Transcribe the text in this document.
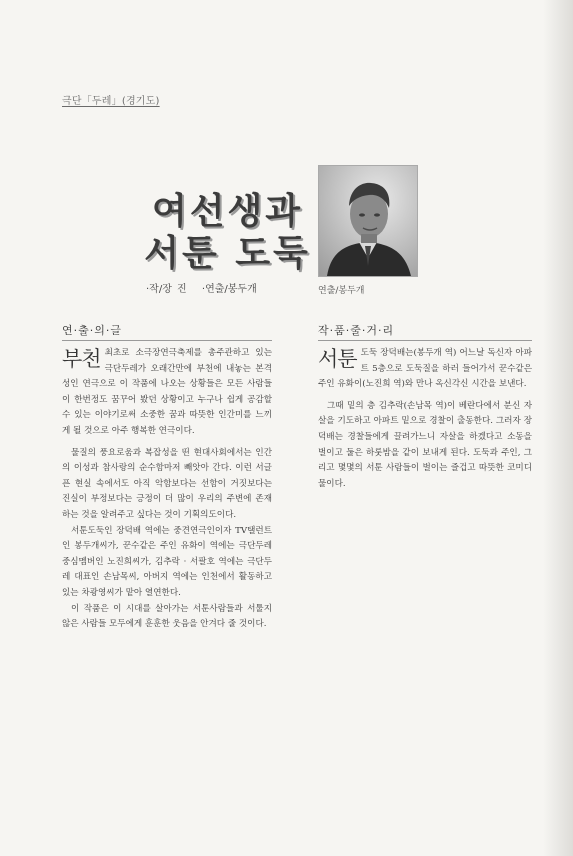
극단「두레」(경기도)
여선생과
서툰 도둑
·작/장 진 ·연출/봉두개	연출/봉두개
연·출·의·글

부천 최초로 소극장연극축제를 총주관하고 있는 극단두레가 오래간만에 부천에 내놓는 본격성인 연극으로 이 작품에 나오는 상황들은 모든 사람들이 한번정도 꿈꾸어 봤던 상황이고 누구나 쉽게 공감할 수 있는 이야기로써 소중한 꿈과 따뜻한 인간미를 느끼게 될 것으로 아주 행복한 연극이다.

물질의 풍요로움과 복잡성을 띤 현대사회에서는 인간의 이성과 참사랑의 순수함마저 빼앗아 간다. 이런 서글픈 현실 속에서도 아직 악함보다는 선함이 거짓보다는 진실이 부정보다는 긍정이 더 많이 우리의 주변에 존재하는 것을 알려주고 싶다는 것이 기획의도이다.

서툰도둑인 장덕배 역에는 중견연극인이자 TV탤런트인 봉두개씨가, 꾼수같은 주인 유화이 역에는 극단두레 중심멤버인 노진희씨가, 김추락 · 서팔호 역에는 극단두레 대표인 손남목씨, 아버지 역에는 인천에서 활동하고 있는 차광영씨가 맡아 열연한다.

이 작품은 이 시대를 살아가는 서툰사람들과 서툴지 않은 사람들 모두에게 훈훈한 웃음을 안겨다 줄 것이다.

작·품·줄·거·리

서툰 도둑 장덕배는(봉두개 역) 어느날 독신자 아파트 5층으로 도둑질을 하러 들어가서 꾼수같은 주인 유화이(노진희 역)와 만나 옥신각신 시간을 보낸다.

그때 밑의 층 김추락(손남목 역)이 베란다에서 분신 자살을 기도하고 아파트 밑으로 경찰이 출동한다. 그러자 장덕배는 경찰들에게 끌려가느니 자살을 하겠다고 소동을 벌이고 둘은 하룻밤을 같이 보내게 된다. 도둑과 주인, 그리고 몇몇의 서툰 사람들이 벌이는 즐겁고 따뜻한 코미디 물이다.
